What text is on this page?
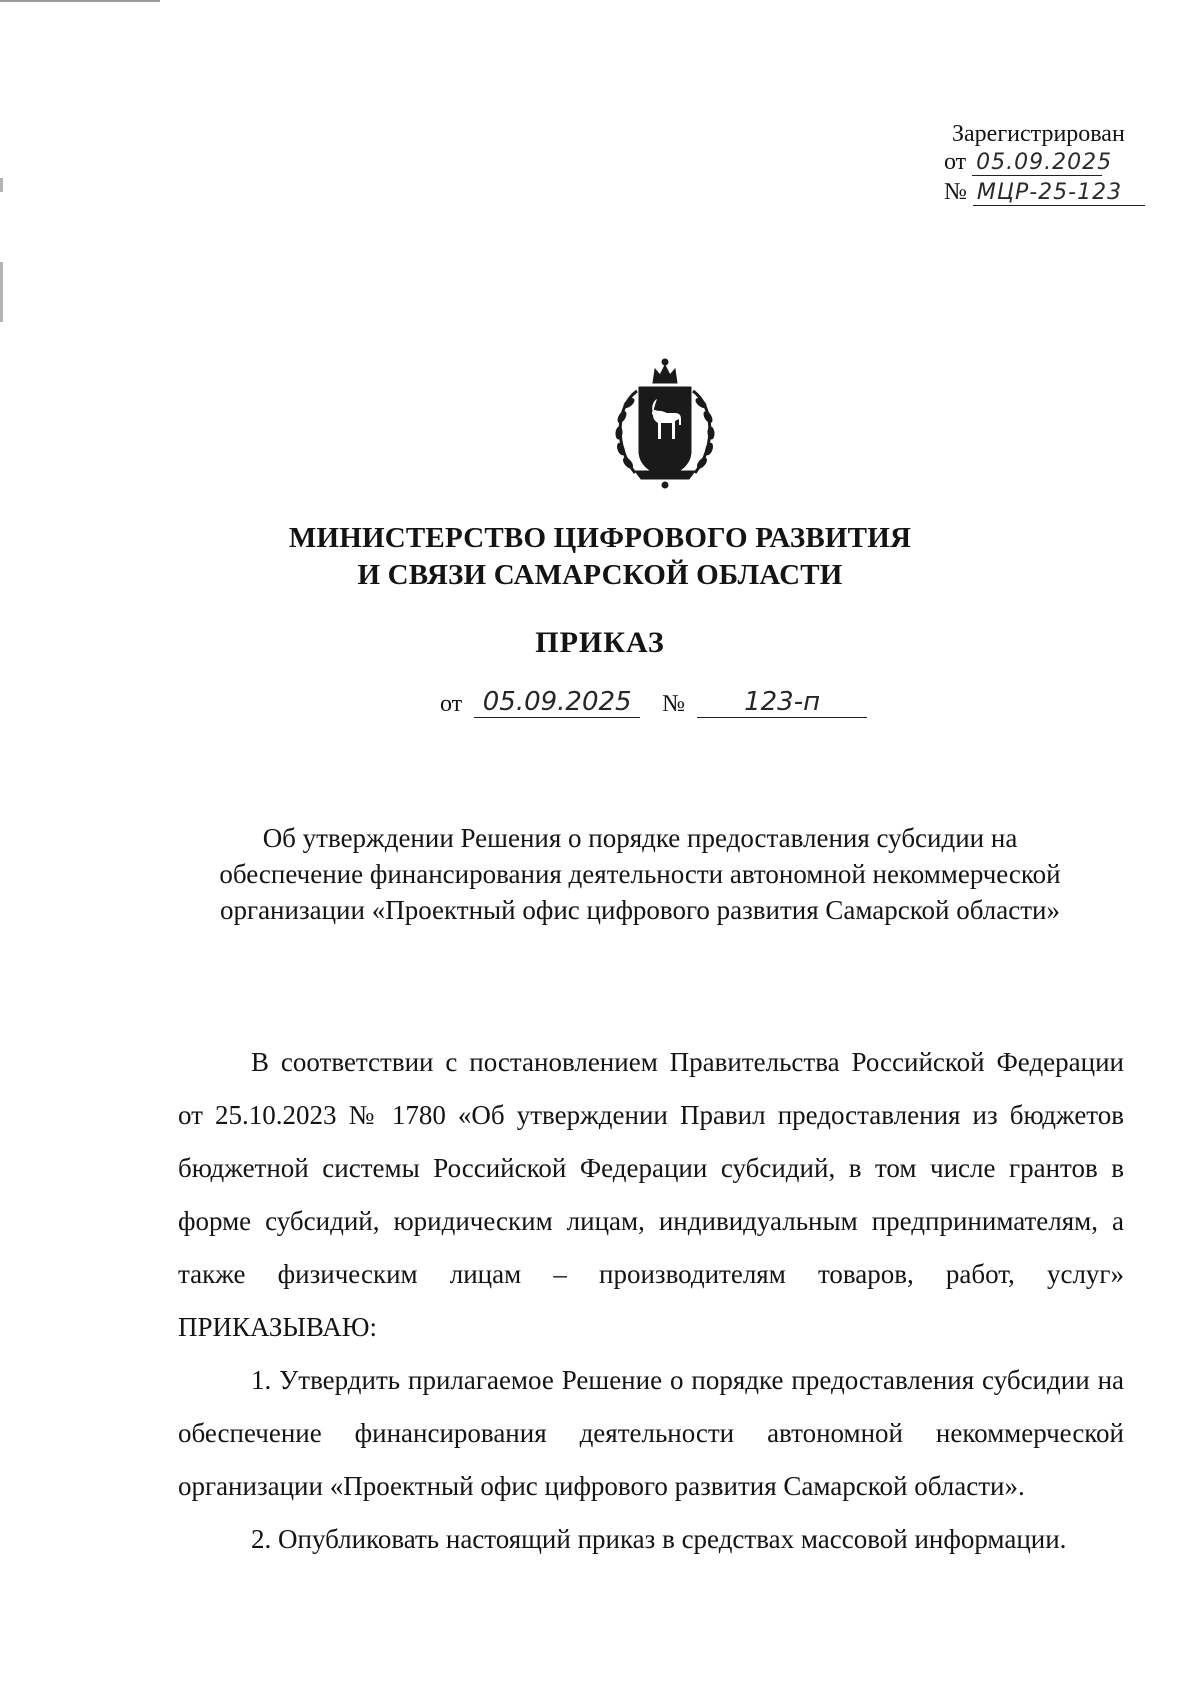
Зарегистрирован
от 05.09.2025
№ МЦР-25-123
МИНИСТЕРСТВО ЦИФРОВОГО РАЗВИТИЯ
И СВЯЗИ САМАРСКОЙ ОБЛАСТИ
ПРИКАЗ
от 05.09.2025 № 123-п
Об утверждении Решения о порядке предоставления субсидии на
обеспечение финансирования деятельности автономной некоммерческой
организации «Проектный офис цифрового развития Самарской области»

В соответствии с постановлением Правительства Российской Федерации от 25.10.2023 № 1780 «Об утверждении Правил предоставления из бюджетов бюджетной системы Российской Федерации субсидий, в том числе грантов в форме субсидий, юридическим лицам, индивидуальным предпринимателям, а также физическим лицам – производителям товаров, работ, услуг» ПРИКАЗЫВАЮ:

1. Утвердить прилагаемое Решение о порядке предоставления субсидии на обеспечение финансирования деятельности автономной некоммерческой организации «Проектный офис цифрового развития Самарской области».

2. Опубликовать настоящий приказ в средствах массовой информации.
